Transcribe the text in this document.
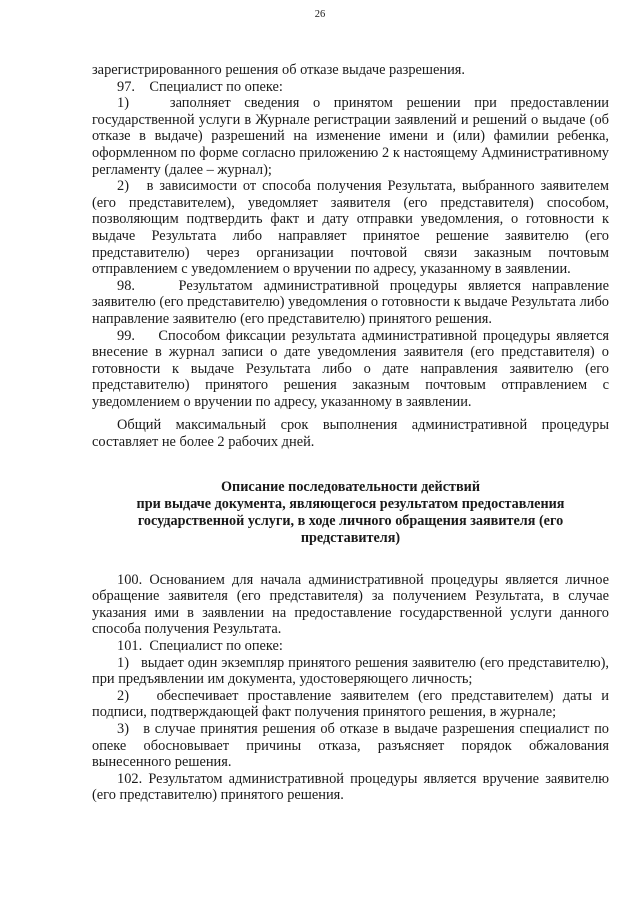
26

зарегистрированного решения об отказе выдаче разрешения.

97.    Специалист по опеке:

1)   заполняет сведения о принятом решении при предоставлении государственной услуги в Журнале регистрации заявлений и решений о выдаче (об отказе в выдаче) разрешений на изменение имени и (или) фамилии ребенка, оформленном по форме согласно приложению 2 к настоящему Административному регламенту (далее – журнал);

2)   в зависимости от способа получения Результата, выбранного заявителем (его представителем), уведомляет заявителя (его представителя) способом, позволяющим подтвердить факт и дату отправки уведомления, о готовности к выдаче Результата либо направляет принятое решение заявителю (его представителю) через организации почтовой связи заказным почтовым отправлением с уведомлением о вручении по адресу, указанному в заявлении.

98.    Результатом административной процедуры является направление заявителю (его представителю) уведомления о готовности к выдаче Результата либо направление заявителю (его представителю) принятого решения.

99.    Способом фиксации результата административной процедуры является внесение в журнал записи о дате уведомления заявителя (его представителя) о готовности к выдаче Результата либо о дате направления заявителю (его представителю) принятого решения заказным почтовым отправлением с уведомлением о вручении по адресу, указанному в заявлении.

Общий максимальный срок выполнения административной процедуры составляет не более 2 рабочих дней.

Описание последовательности действий
при выдаче документа, являющегося результатом предоставления
государственной услуги, в ходе личного обращения заявителя (его
представителя)

100. Основанием для начала административной процедуры является личное обращение заявителя (его представителя) за получением Результата, в случае указания ими в заявлении на предоставление государственной услуги данного способа получения Результата.

101.  Специалист по опеке:

1)   выдает один экземпляр принятого решения заявителю (его представителю), при предъявлении им документа, удостоверяющего личность;

2)   обеспечивает проставление заявителем (его представителем) даты и подписи, подтверждающей факт получения принятого решения, в журнале;

3)   в случае принятия решения об отказе в выдаче разрешения специалист по опеке обосновывает причины отказа, разъясняет порядок обжалования вынесенного решения.

102. Результатом административной процедуры является вручение заявителю (его представителю) принятого решения.
